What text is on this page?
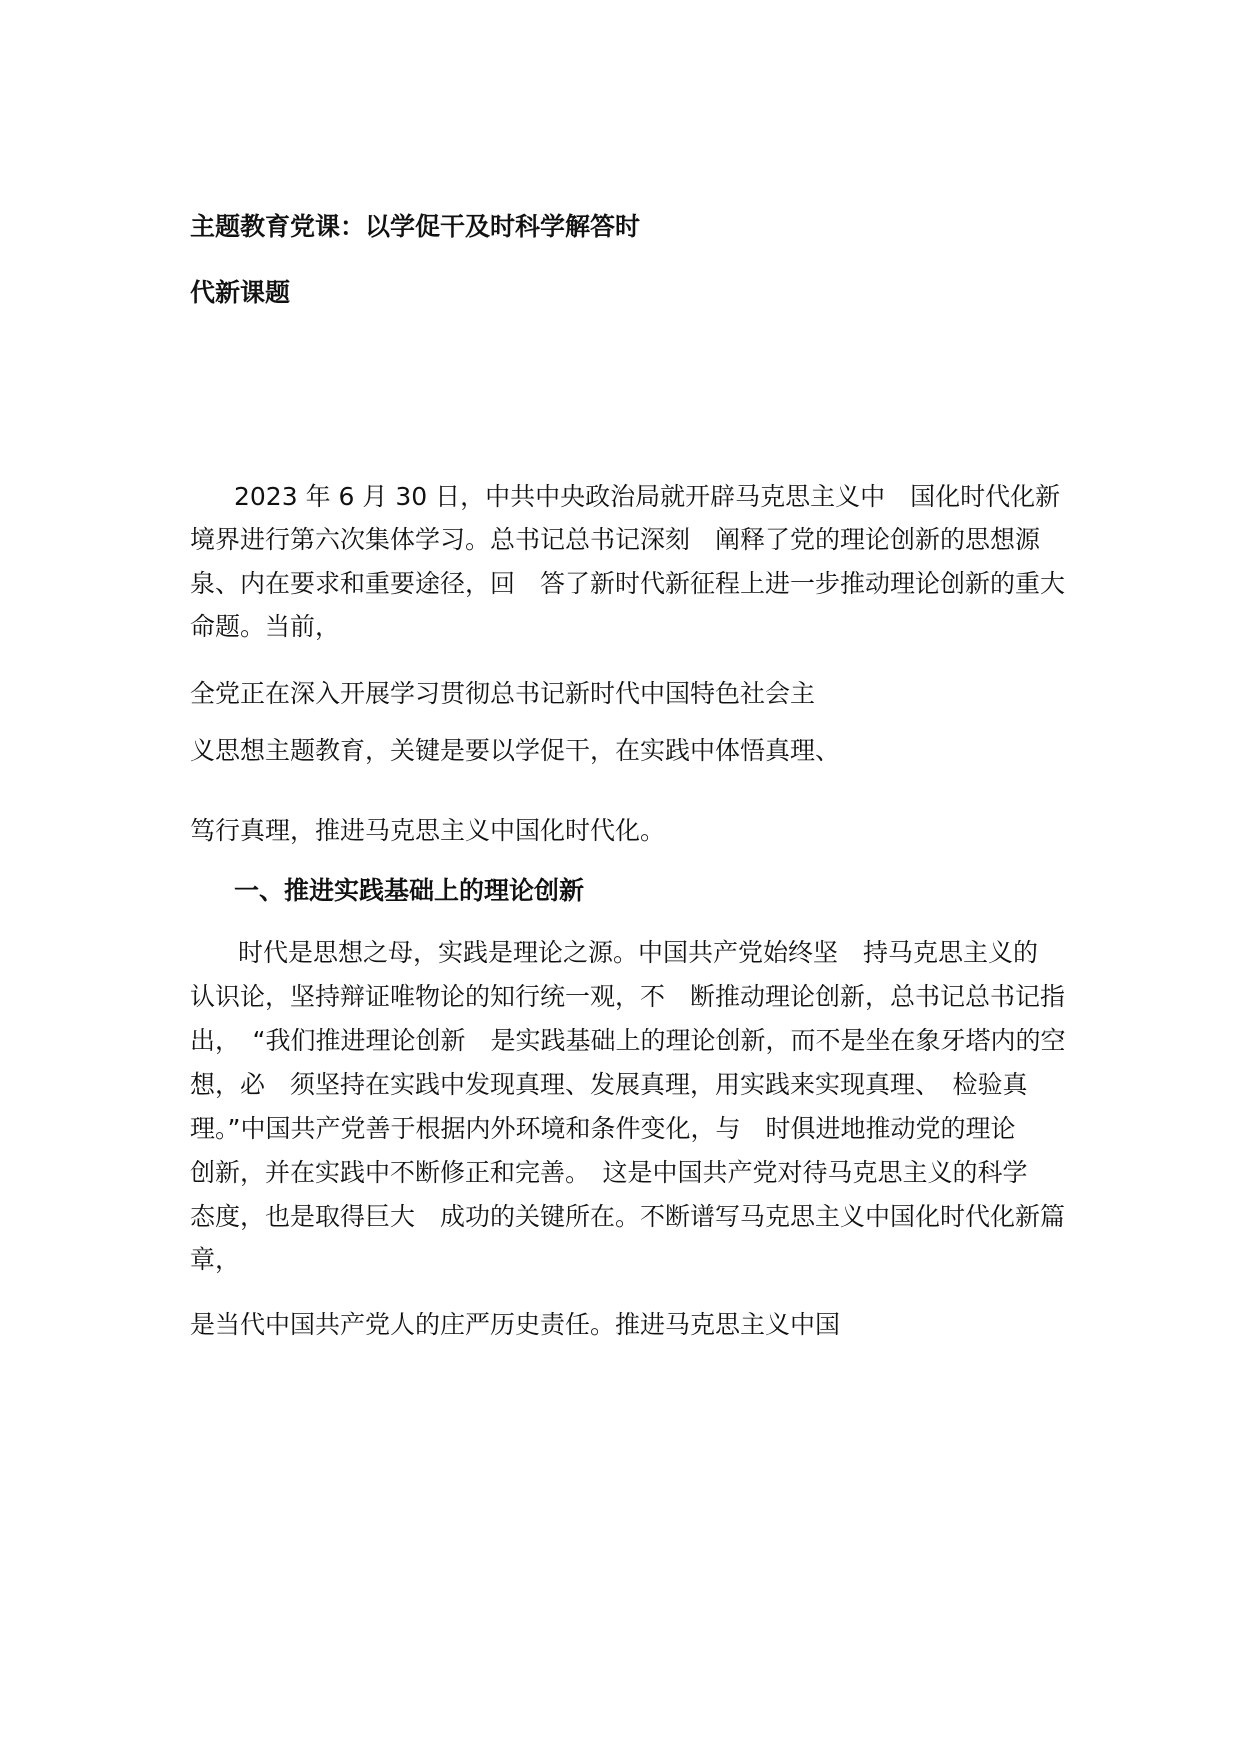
主题教育党课：以学促干及时科学解答时
代新课题
2023 年 6 月 30 日，中共中央政治局就开辟马克思主义中　国化时代化新
境界进行第六次集体学习。总书记总书记深刻　阐释了党的理论创新的思想源
泉、内在要求和重要途径，回　答了新时代新征程上进一步推动理论创新的重大
命题。当前，
全党正在深入开展学习贯彻总书记新时代中国特色社会主
义思想主题教育，关键是要以学促干，在实践中体悟真理、
笃行真理，推进马克思主义中国化时代化。
一、推进实践基础上的理论创新
时代是思想之母，实践是理论之源。中国共产党始终坚　持马克思主义的
认识论，坚持辩证唯物论的知行统一观，不　断推动理论创新，总书记总书记指
出，　“我们推进理论创新　是实践基础上的理论创新，而不是坐在象牙塔内的空
想，必　须坚持在实践中发现真理、发展真理，用实践来实现真理、　检验真
理。”中国共产党善于根据内外环境和条件变化，与　时俱进地推动党的理论
创新，并在实践中不断修正和完善。　这是中国共产党对待马克思主义的科学
态度，也是取得巨大　成功的关键所在。不断谱写马克思主义中国化时代化新篇
章，
是当代中国共产党人的庄严历史责任。推进马克思主义中国
